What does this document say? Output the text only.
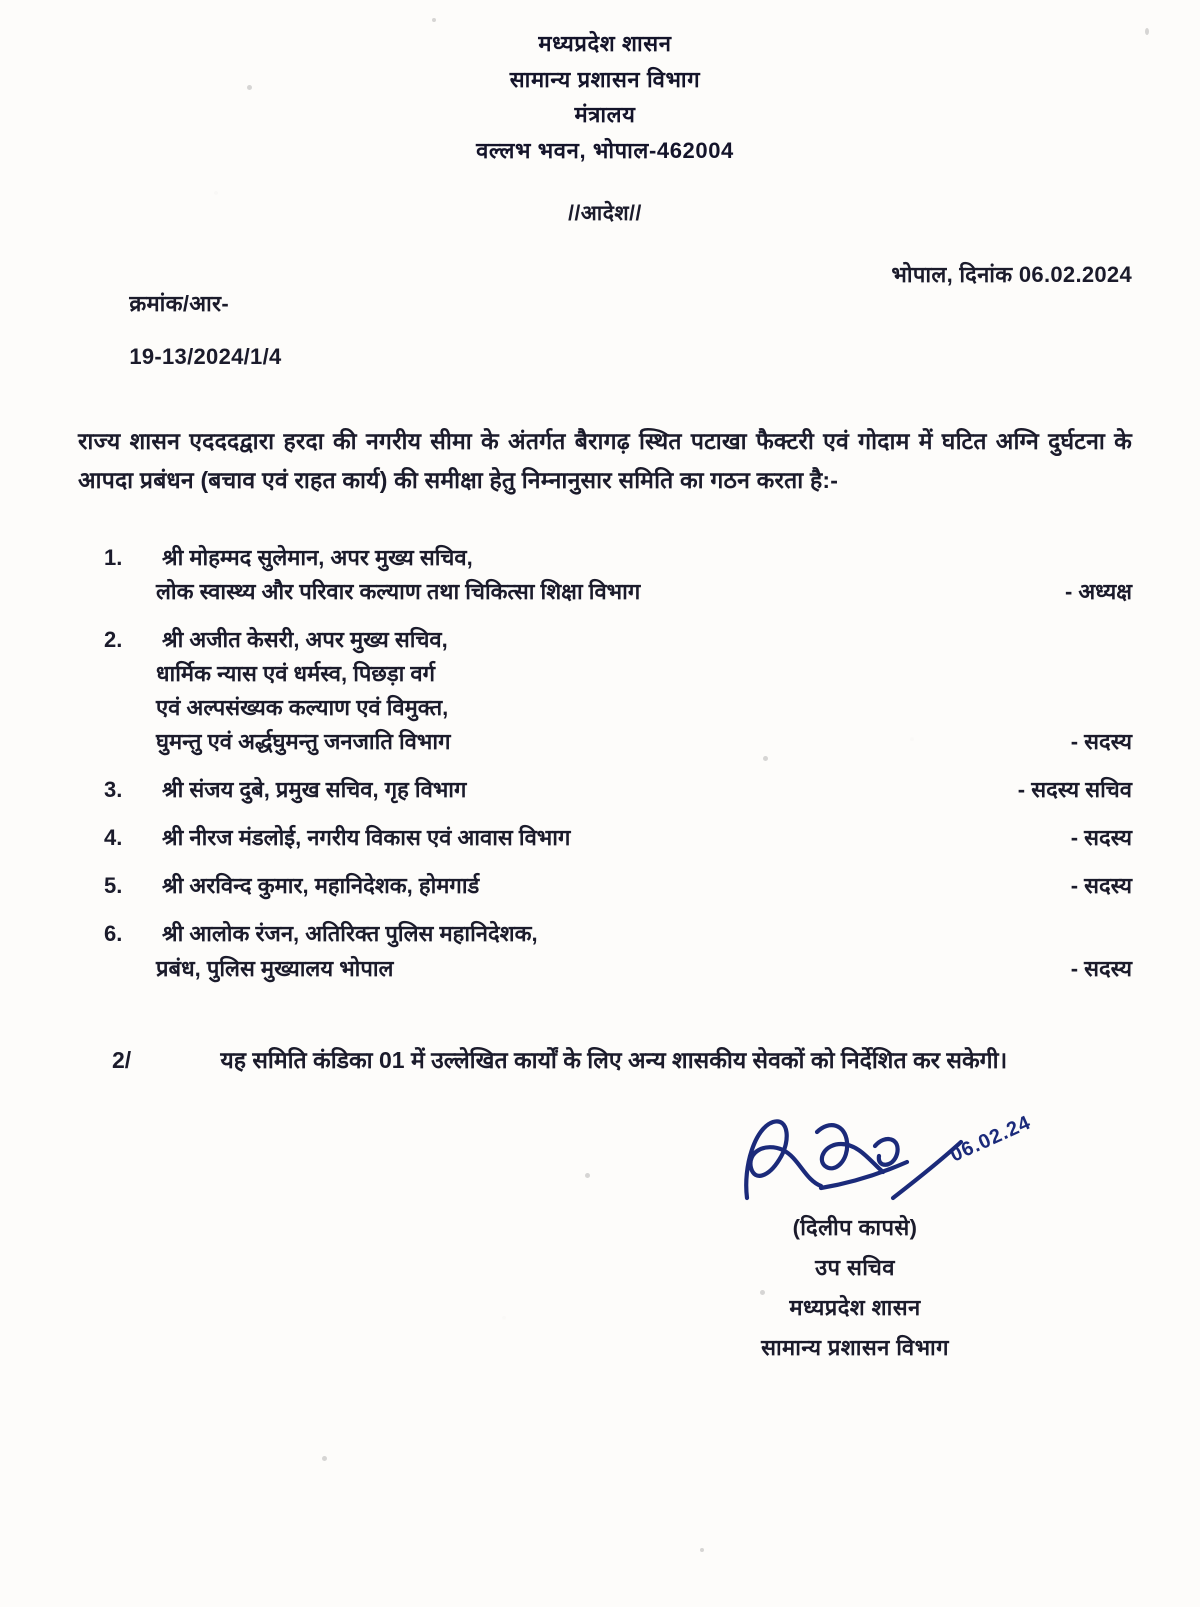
मध्यप्रदेश शासन
सामान्य प्रशासन विभाग
मंत्रालय
वल्लभ भवन, भोपाल-462004
//आदेश//

क्रमांक/आर-

19-13/2024/1/4

भोपाल, दिनांक 06.02.2024
राज्य शासन एदददद्वारा हरदा की नगरीय सीमा के अंतर्गत बैरागढ़ स्थित पटाखा फैक्टरी एवं गोदाम में घटित अग्नि दुर्घटना के आपदा प्रबंधन (बचाव एवं राहत कार्य) की समीक्षा हेतु निम्नानुसार समिति का गठन करता है:-
1.	श्री मोहम्मद सुलेमान, अपर मुख्य सचिव,
लोक स्वास्थ्य और परिवार कल्याण तथा चिकित्सा शिक्षा विभाग	- अध्यक्ष
2.	श्री अजीत केसरी, अपर मुख्य सचिव,
धार्मिक न्यास एवं धर्मस्व, पिछड़ा वर्ग
एवं अल्पसंख्यक कल्याण एवं विमुक्त,
घुमन्तु एवं अर्द्धघुमन्तु जनजाति विभाग	- सदस्य
3.	श्री संजय दुबे, प्रमुख सचिव, गृह विभाग	- सदस्य सचिव
4.	श्री नीरज मंडलोई, नगरीय विकास एवं आवास विभाग	- सदस्य
5.	श्री अरविन्द कुमार, महानिदेशक, होमगार्ड	- सदस्य
6.	श्री आलोक रंजन, अतिरिक्त पुलिस महानिदेशक,
प्रबंध, पुलिस मुख्यालय भोपाल	- सदस्य
2/	यह समिति कंडिका 01 में उल्लेखित कार्यों के लिए अन्य शासकीय सेवकों को निर्देशित कर सकेगी।
06.02.24
(दिलीप कापसे)
उप सचिव
मध्यप्रदेश शासन
सामान्य प्रशासन विभाग
